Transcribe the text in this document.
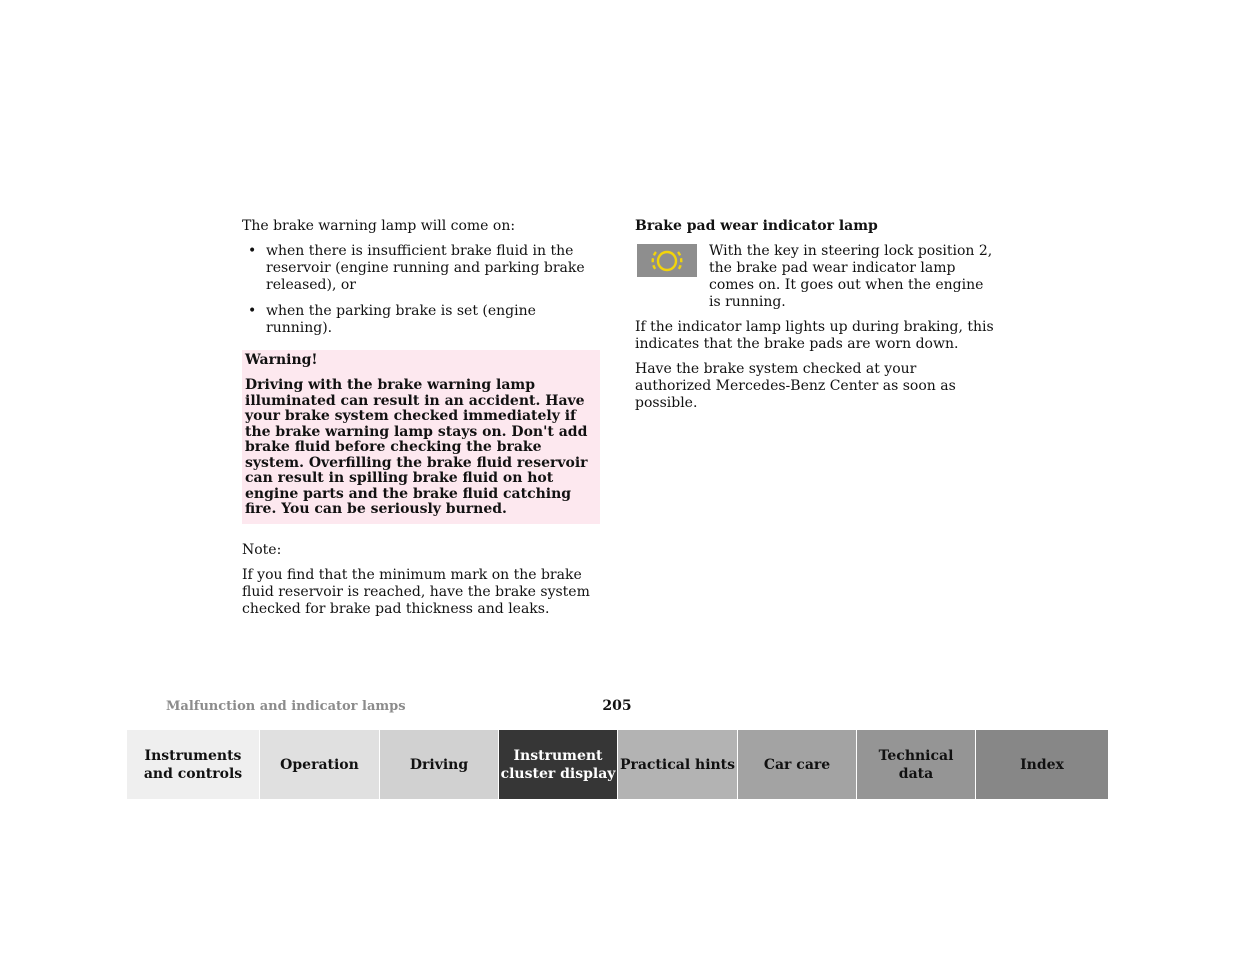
The brake warning lamp will come on:

• when there is insufficient brake fluid in the reservoir (engine running and parking brake released), or
• when the parking brake is set (engine running).

Warning!

Driving with the brake warning lamp illuminated can result in an accident. Have your brake system checked immediately if the brake warning lamp stays on. Don't add brake fluid before checking the brake system. Overfilling the brake fluid reservoir can result in spilling brake fluid on hot engine parts and the brake fluid catching fire. You can be seriously burned.

Note:

If you find that the minimum mark on the brake fluid reservoir is reached, have the brake system checked for brake pad thickness and leaks.

Brake pad wear indicator lamp

With the key in steering lock position 2, the brake pad wear indicator lamp comes on. It goes out when the engine is running.

If the indicator lamp lights up during braking, this indicates that the brake pads are worn down.

Have the brake system checked at your authorized Mercedes-Benz Center as soon as possible.

Malfunction and indicator lamps	205
Instruments
and controls
Operation	Driving
Instrument
cluster display
Practical hints	Car care
Technical
data
Index
